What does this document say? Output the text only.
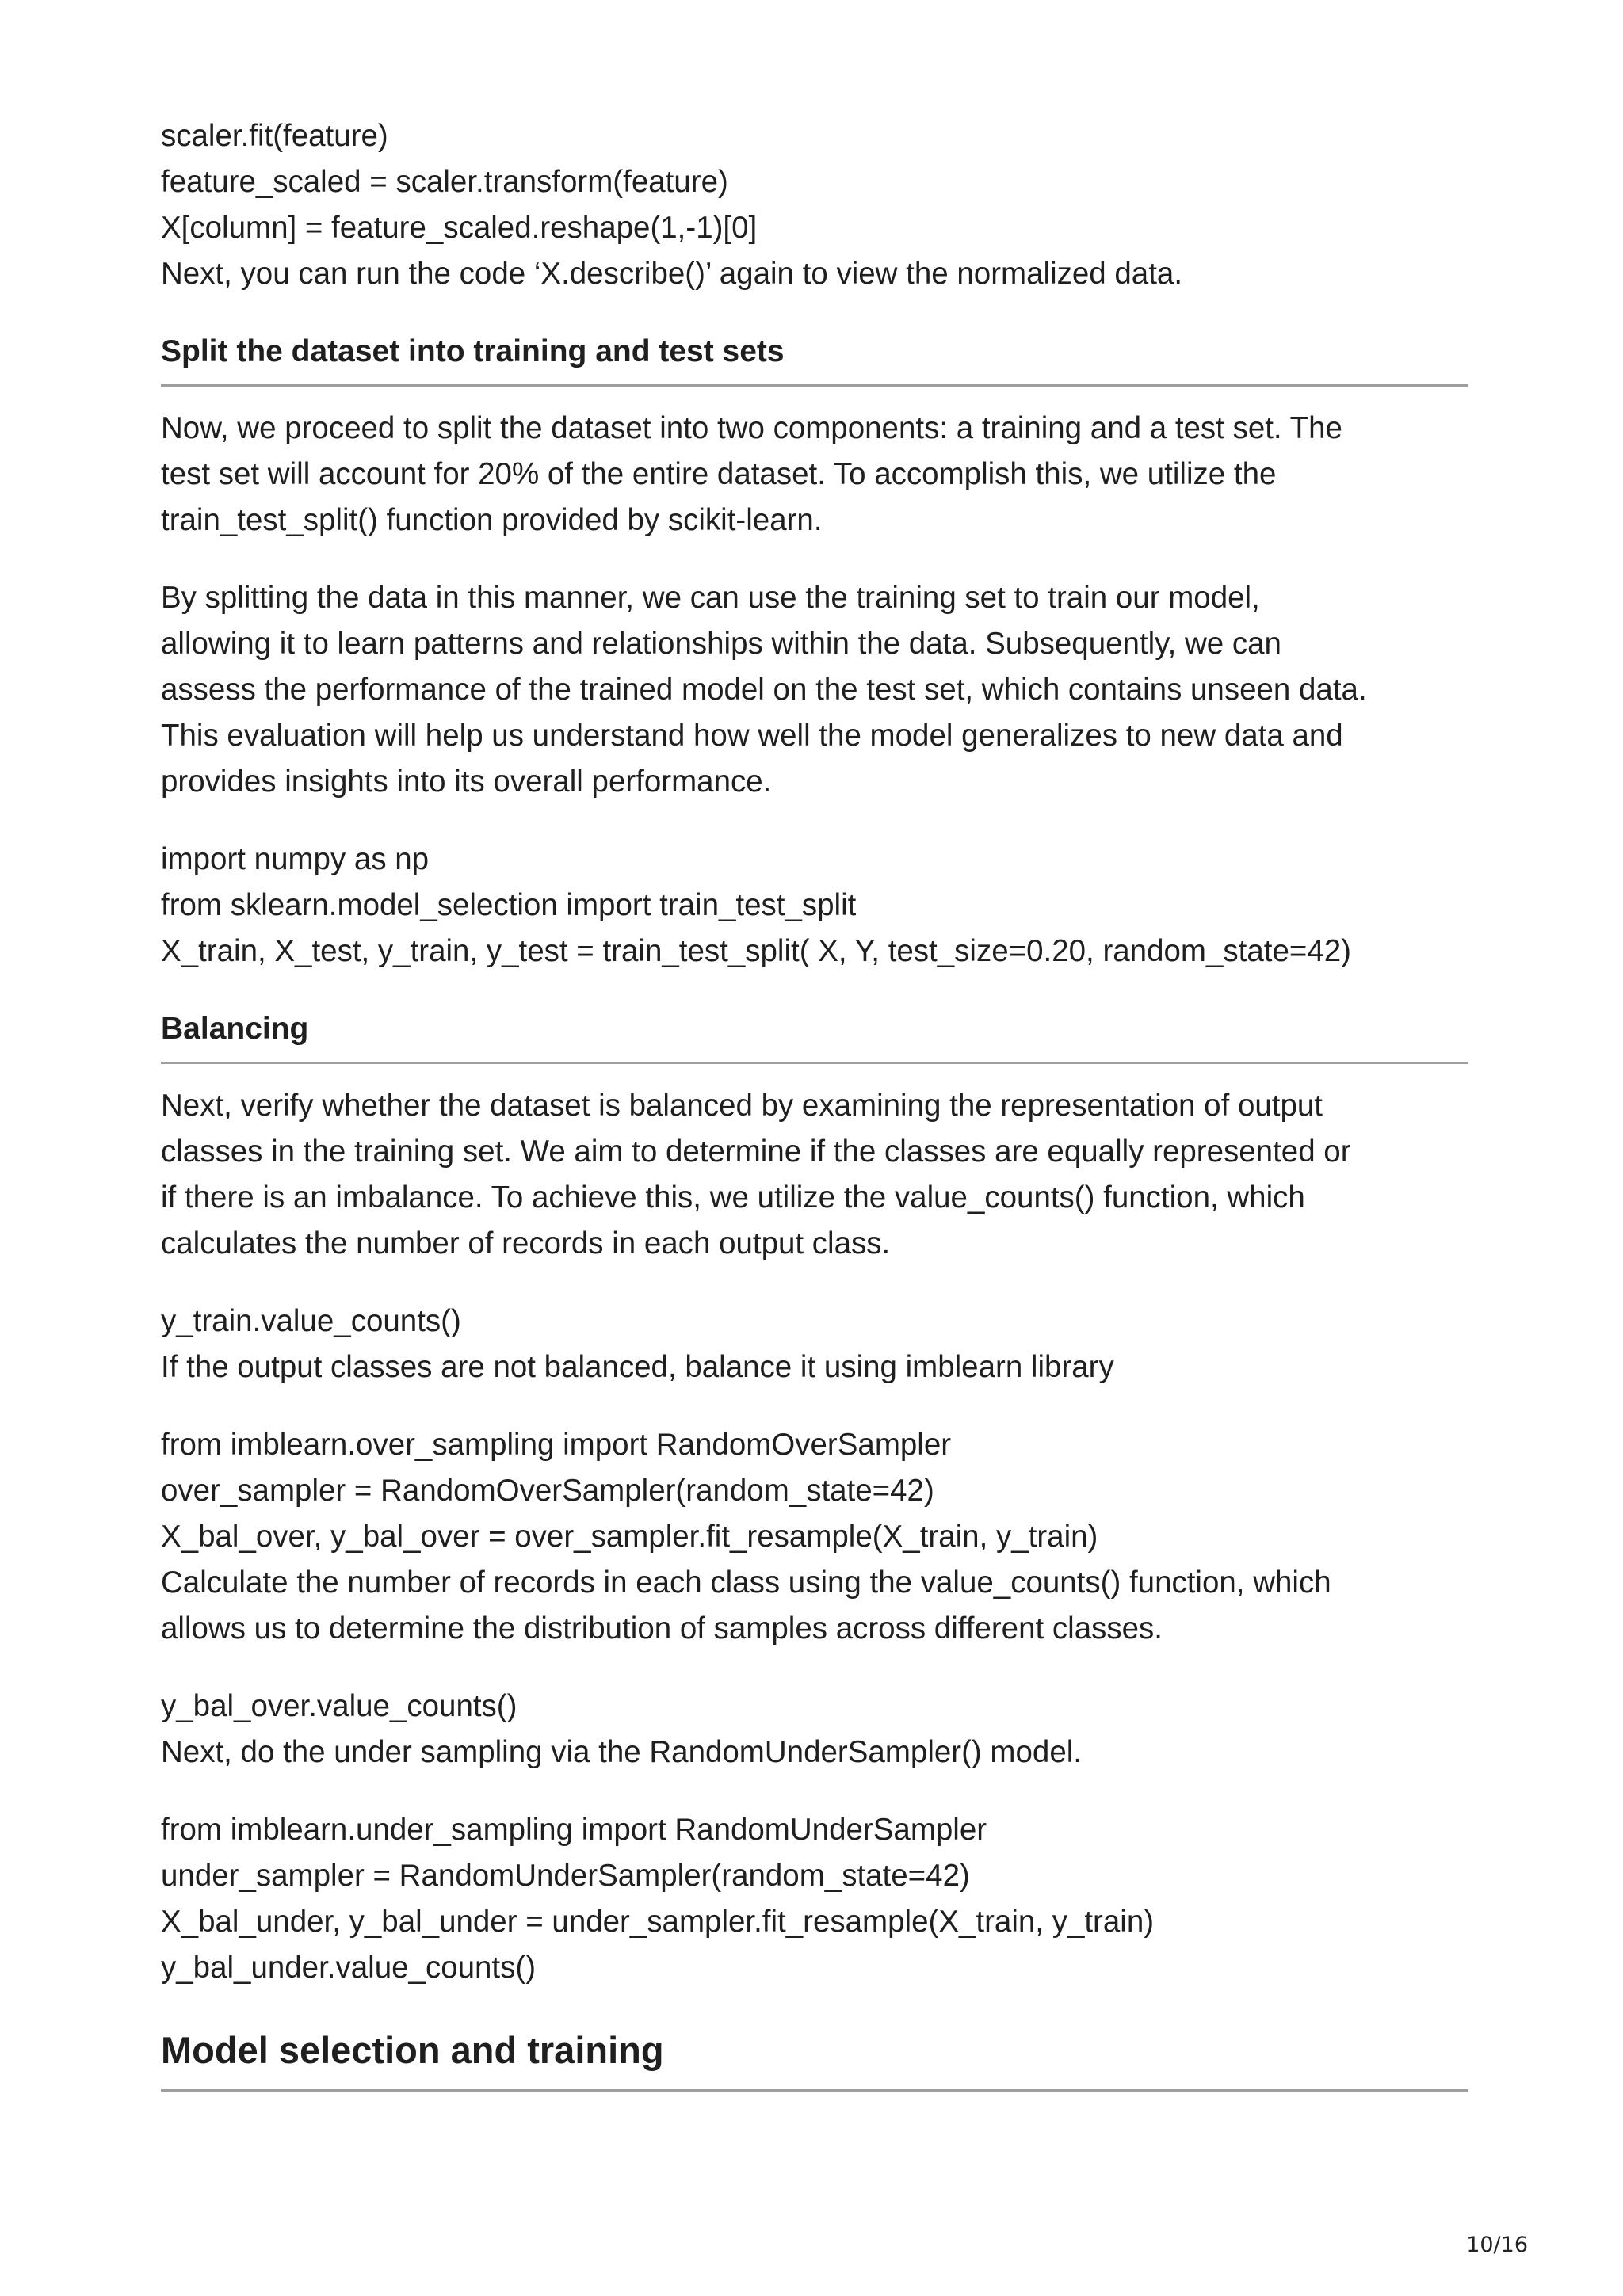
scaler.fit(feature)

feature_scaled = scaler.transform(feature)

X[column] = feature_scaled.reshape(1,-1)[0]

Next, you can run the code ‘X.describe()’ again to view the normalized data.

Split the dataset into training and test sets

Now, we proceed to split the dataset into two components: a training and a test set. The

test set will account for 20% of the entire dataset. To accomplish this, we utilize the

train_test_split() function provided by scikit-learn.

By splitting the data in this manner, we can use the training set to train our model,

allowing it to learn patterns and relationships within the data. Subsequently, we can

assess the performance of the trained model on the test set, which contains unseen data.

This evaluation will help us understand how well the model generalizes to new data and

provides insights into its overall performance.

import numpy as np

from sklearn.model_selection import train_test_split

X_train, X_test, y_train, y_test = train_test_split( X, Y, test_size=0.20, random_state=42)

Balancing

Next, verify whether the dataset is balanced by examining the representation of output

classes in the training set. We aim to determine if the classes are equally represented or

if there is an imbalance. To achieve this, we utilize the value_counts() function, which

calculates the number of records in each output class.

y_train.value_counts()

If the output classes are not balanced, balance it using imblearn library

from imblearn.over_sampling import RandomOverSampler

over_sampler = RandomOverSampler(random_state=42)

X_bal_over, y_bal_over = over_sampler.fit_resample(X_train, y_train)

Calculate the number of records in each class using the value_counts() function, which

allows us to determine the distribution of samples across different classes.

y_bal_over.value_counts()

Next, do the under sampling via the RandomUnderSampler() model.

from imblearn.under_sampling import RandomUnderSampler

under_sampler = RandomUnderSampler(random_state=42)

X_bal_under, y_bal_under = under_sampler.fit_resample(X_train, y_train)

y_bal_under.value_counts()

Model selection and training
10/16
